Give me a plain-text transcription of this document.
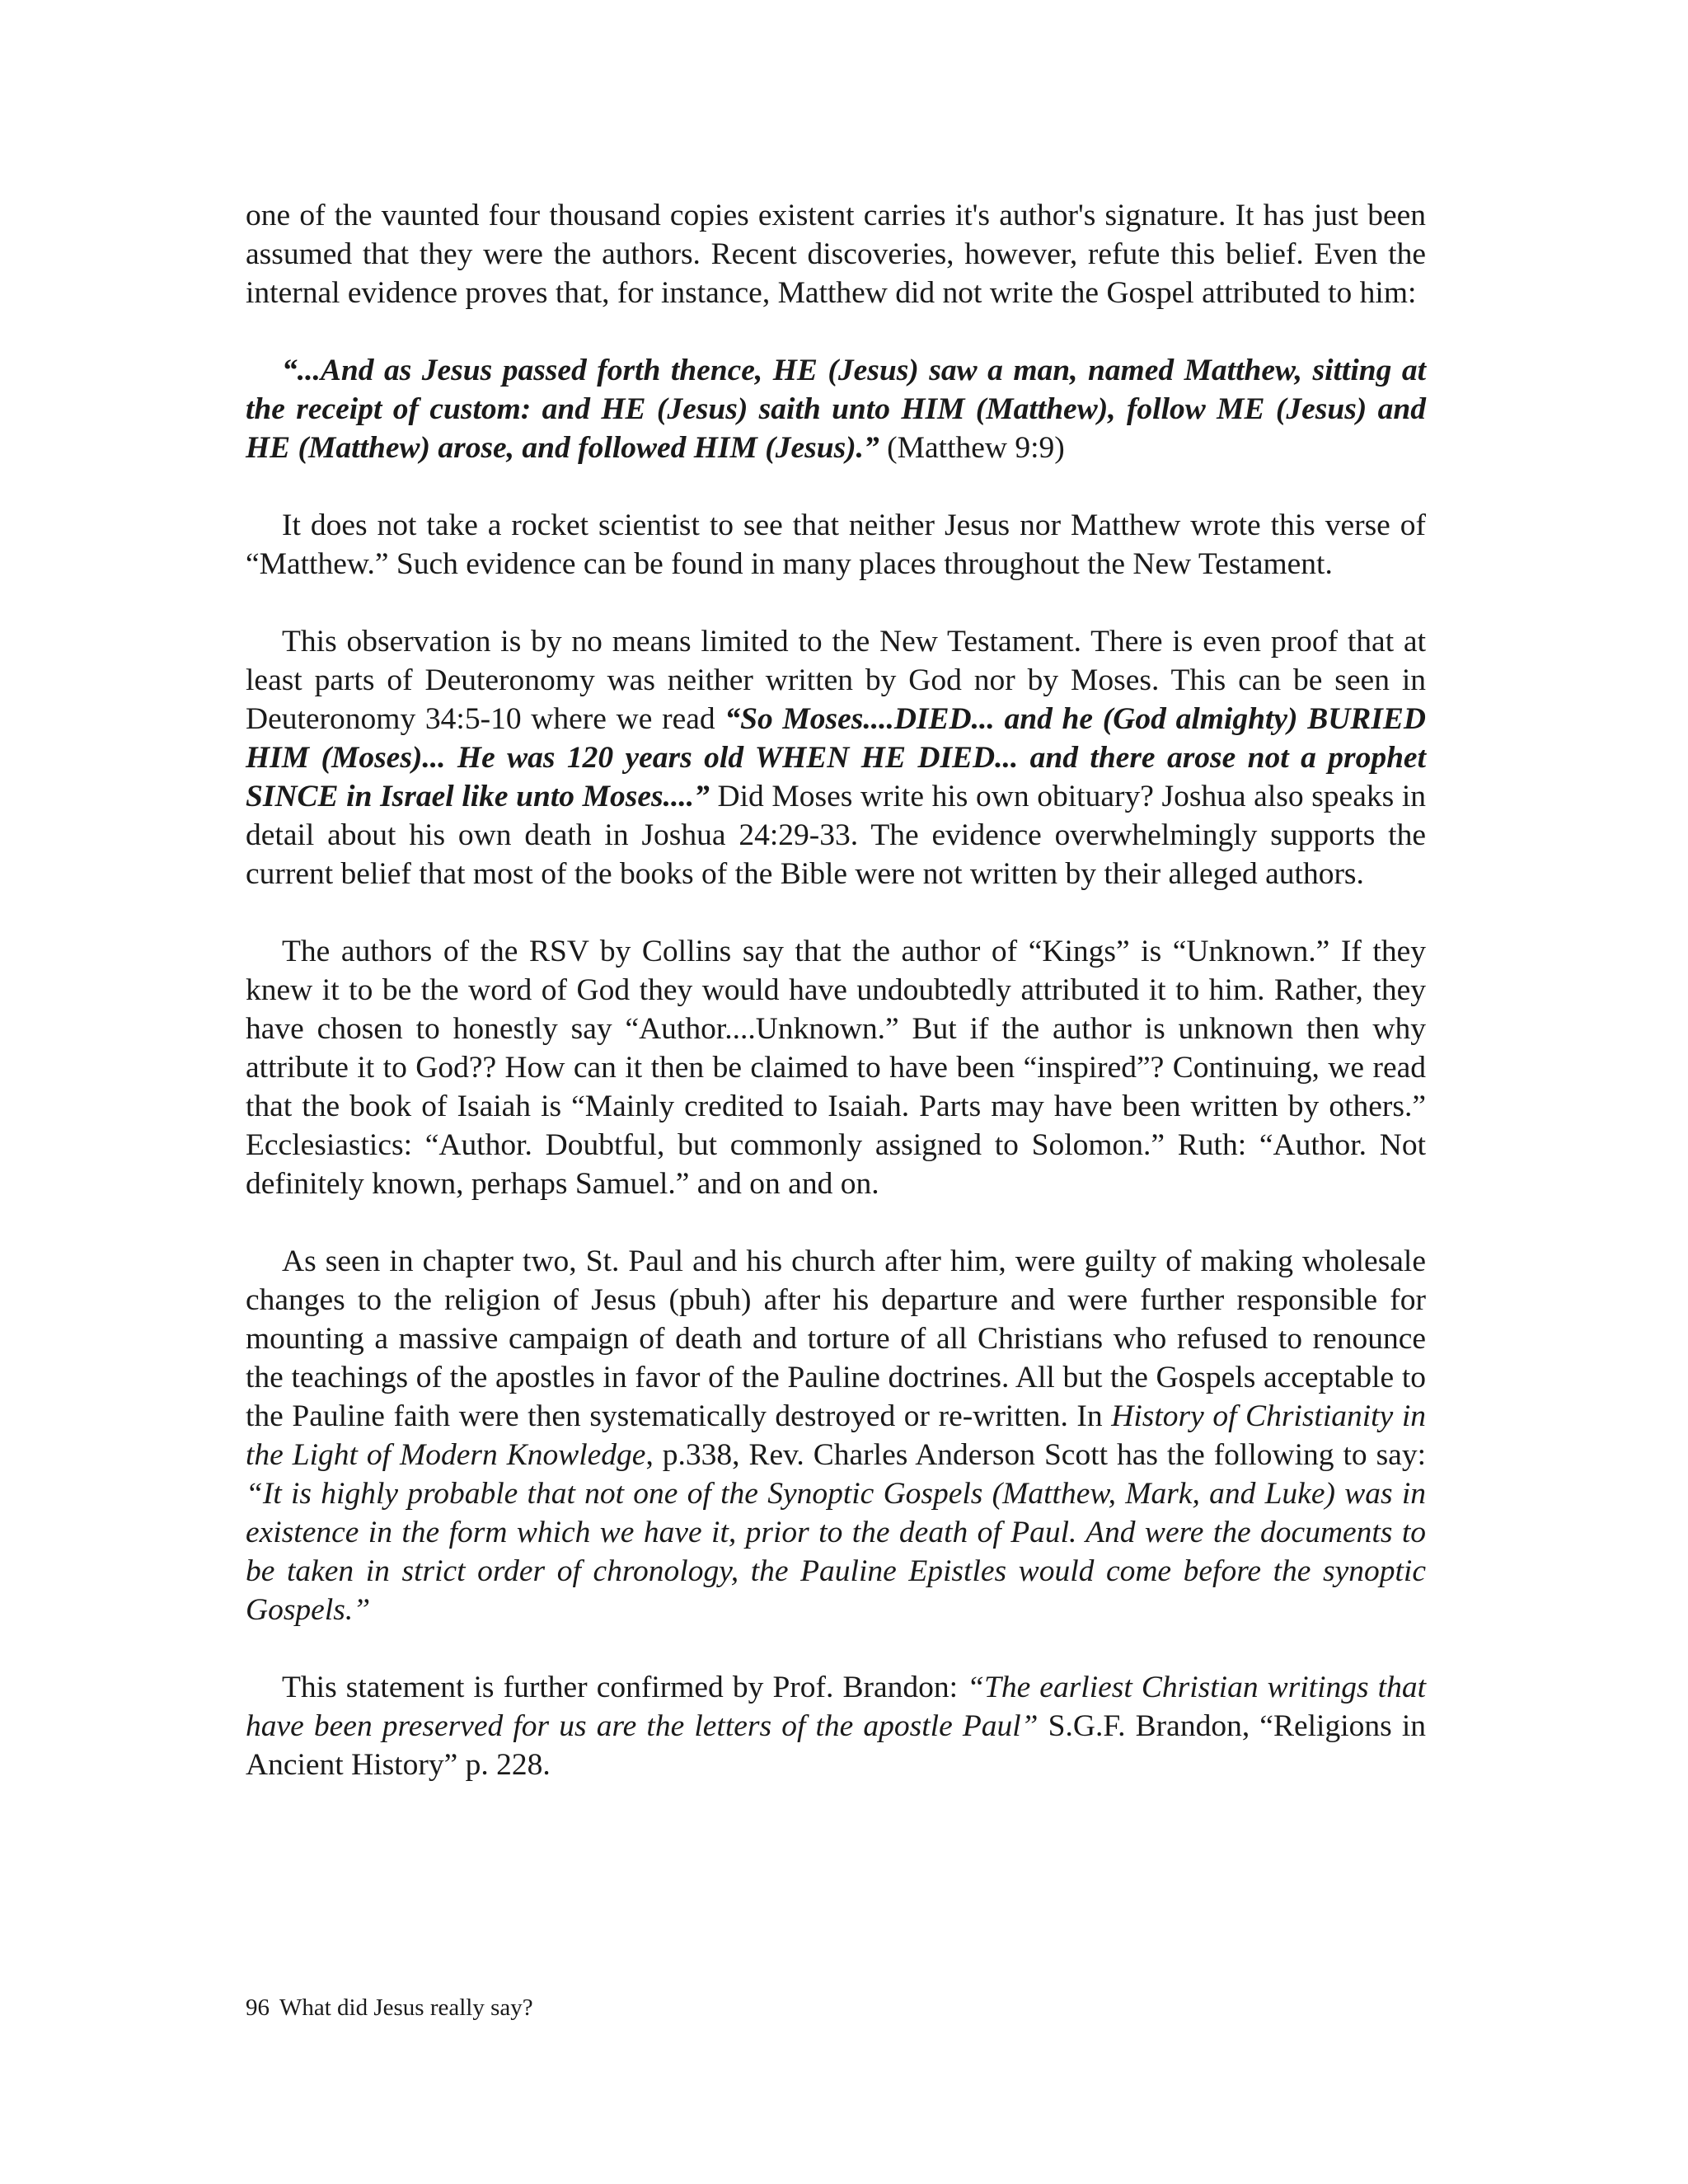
one of the vaunted four thousand copies existent carries it's author's signature. It has just been assumed that they were the authors. Recent discoveries, however, refute this belief. Even the internal evidence proves that, for instance, Matthew did not write the Gospel attributed to him:

“...And as Jesus passed forth thence, HE (Jesus) saw a man, named Matthew, sitting at the receipt of custom: and HE (Jesus) saith unto HIM (Matthew), follow ME (Jesus) and HE (Matthew) arose, and followed HIM (Jesus).” (Matthew 9:9)

It does not take a rocket scientist to see that neither Jesus nor Matthew wrote this verse of “Matthew.” Such evidence can be found in many places throughout the New Testament.

This observation is by no means limited to the New Testament. There is even proof that at least parts of Deuteronomy was neither written by God nor by Moses. This can be seen in Deuteronomy 34:5-10 where we read “So Moses....DIED... and he (God almighty) BURIED HIM (Moses)... He was 120 years old WHEN HE DIED... and there arose not a prophet SINCE in Israel like unto Moses....” Did Moses write his own obituary? Joshua also speaks in detail about his own death in Joshua 24:29-33. The evidence overwhelmingly supports the current belief that most of the books of the Bible were not written by their alleged authors.

The authors of the RSV by Collins say that the author of “Kings” is “Unknown.” If they knew it to be the word of God they would have undoubtedly attributed it to him. Rather, they have chosen to honestly say “Author....Unknown.” But if the author is unknown then why attribute it to God?? How can it then be claimed to have been “inspired”? Continuing, we read that the book of Isaiah is “Mainly credited to Isaiah. Parts may have been written by others.” Ecclesiastics: “Author. Doubtful, but commonly assigned to Solomon.” Ruth: “Author. Not definitely known, perhaps Samuel.” and on and on.

As seen in chapter two, St. Paul and his church after him, were guilty of making wholesale changes to the religion of Jesus (pbuh) after his departure and were further responsible for mounting a massive campaign of death and torture of all Christians who refused to renounce the teachings of the apostles in favor of the Pauline doctrines. All but the Gospels acceptable to the Pauline faith were then systematically destroyed or re-written. In History of Christianity in the Light of Modern Knowledge, p.338, Rev. Charles Anderson Scott has the following to say: “It is highly probable that not one of the Synoptic Gospels (Matthew, Mark, and Luke) was in existence in the form which we have it, prior to the death of Paul. And were the documents to be taken in strict order of chronology, the Pauline Epistles would come before the synoptic Gospels.”

This statement is further confirmed by Prof. Brandon: “The earliest Christian writings that have been preserved for us are the letters of the apostle Paul” S.G.F. Brandon, “Religions in Ancient History” p. 228.

96 What did Jesus really say?
